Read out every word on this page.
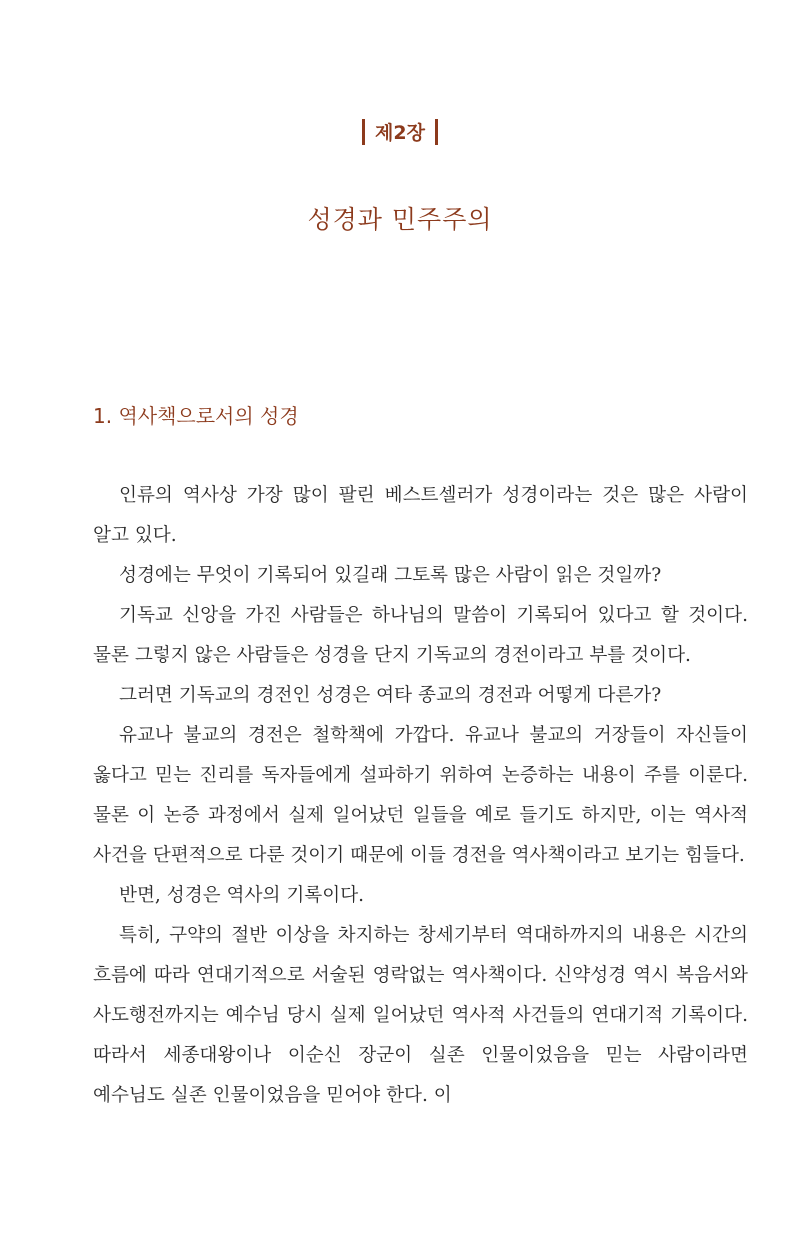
제2장
성경과 민주주의
1. 역사책으로서의 성경

인류의 역사상 가장 많이 팔린 베스트셀러가 성경이라는 것은 많은 사람이 알고 있다.

성경에는 무엇이 기록되어 있길래 그토록 많은 사람이 읽은 것일까?

기독교 신앙을 가진 사람들은 하나님의 말씀이 기록되어 있다고 할 것이다. 물론 그렇지 않은 사람들은 성경을 단지 기독교의 경전이라고 부를 것이다.

그러면 기독교의 경전인 성경은 여타 종교의 경전과 어떻게 다른가?

유교나 불교의 경전은 철학책에 가깝다. 유교나 불교의 거장들이 자신들이 옳다고 믿는 진리를 독자들에게 설파하기 위하여 논증하는 내용이 주를 이룬다. 물론 이 논증 과정에서 실제 일어났던 일들을 예로 들기도 하지만, 이는 역사적 사건을 단편적으로 다룬 것이기 때문에 이들 경전을 역사책이라고 보기는 힘들다.

반면, 성경은 역사의 기록이다.

특히, 구약의 절반 이상을 차지하는 창세기부터 역대하까지의 내용은 시간의 흐름에 따라 연대기적으로 서술된 영락없는 역사책이다. 신약성경 역시 복음서와 사도행전까지는 예수님 당시 실제 일어났던 역사적 사건들의 연대기적 기록이다. 따라서 세종대왕이나 이순신 장군이 실존 인물이었음을 믿는 사람이라면 예수님도 실존 인물이었음을 믿어야 한다. 이
